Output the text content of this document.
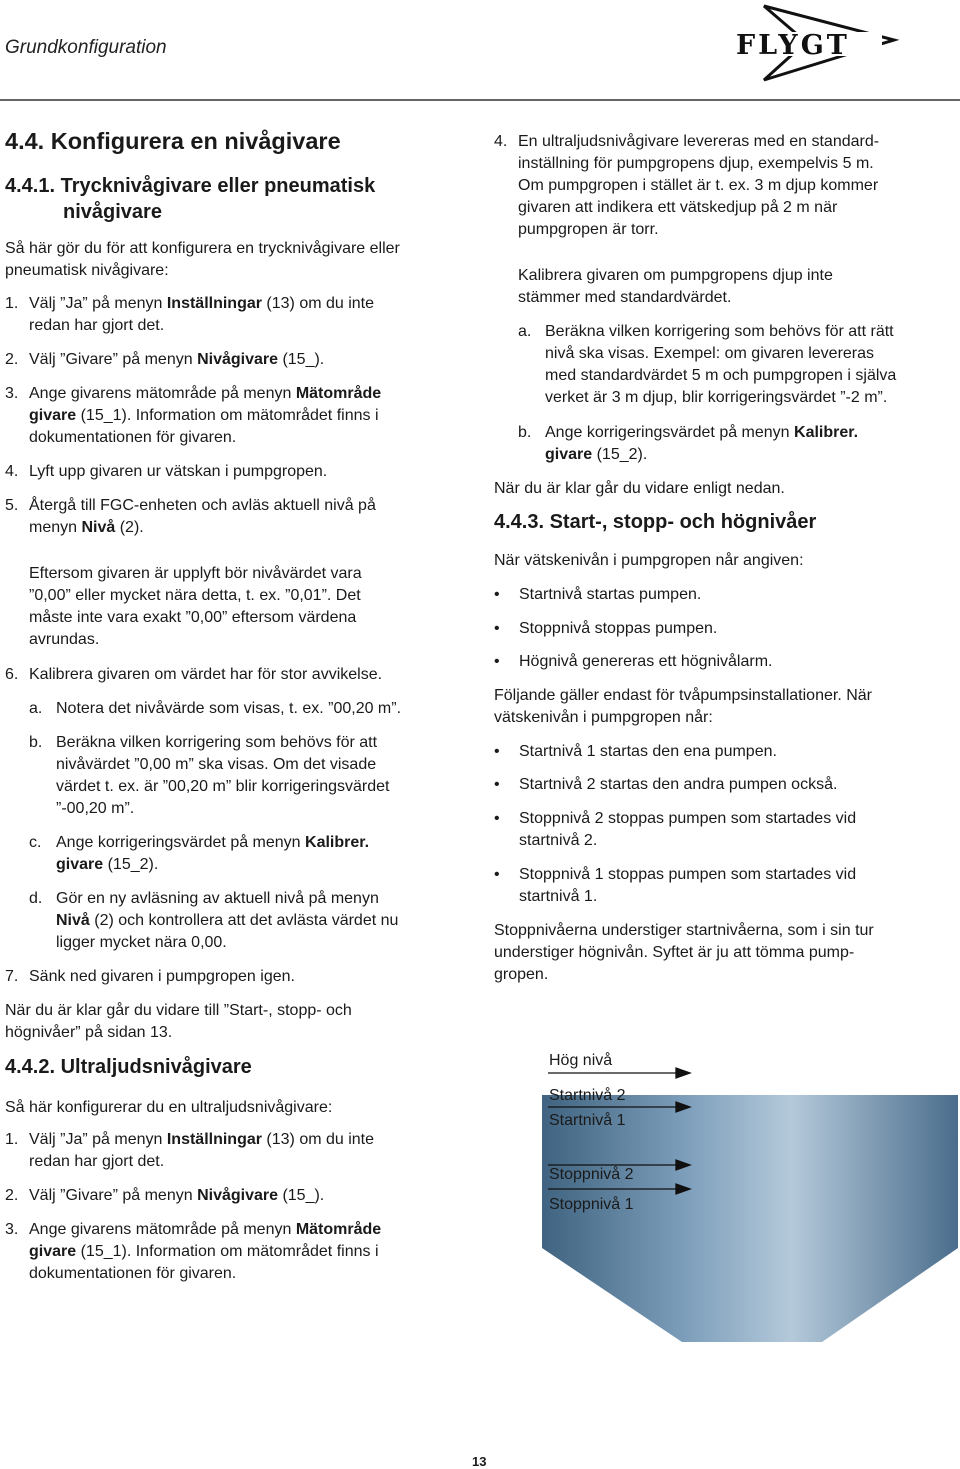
Grundkonfiguration	FLYGT
4.4. Konfigurera en nivågivare
4.4.1. Trycknivågivare eller pneumatisk
nivågivare
Så här gör du för att konfigurera en trycknivågivare eller
pneumatisk nivågivare:
1. Välj ”Ja” på menyn Inställningar (13) om du inte
redan har gjort det.
2. Välj ”Givare” på menyn Nivågivare (15_).
3. Ange givarens mätområde på menyn Mätområde
givare (15_1). Information om mätområdet finns i
dokumentationen för givaren.
4. Lyft upp givaren ur vätskan i pumpgropen.
5. Återgå till FGC-enheten och avläs aktuell nivå på
menyn Nivå (2).
Eftersom givaren är upplyft bör nivåvärdet vara
”0,00” eller mycket nära detta, t. ex. ”0,01”. Det
måste inte vara exakt ”0,00” eftersom värdena
avrundas.
6. Kalibrera givaren om värdet har för stor avvikelse.
a. Notera det nivåvärde som visas, t. ex. ”00,20 m”.
b. Beräkna vilken korrigering som behövs för att
nivåvärdet ”0,00 m” ska visas. Om det visade
värdet t. ex. är ”00,20 m” blir korrigeringsvärdet
”-00,20 m”.
c. Ange korrigeringsvärdet på menyn Kalibrer.
givare (15_2).
d. Gör en ny avläsning av aktuell nivå på menyn
Nivå (2) och kontrollera att det avlästa värdet nu
ligger mycket nära 0,00.
7. Sänk ned givaren i pumpgropen igen.
När du är klar går du vidare till ”Start-, stopp- och
högnivåer” på sidan 13.
4.4.2. Ultraljudsnivågivare
Så här konfigurerar du en ultraljudsnivågivare:
1. Välj ”Ja” på menyn Inställningar (13) om du inte
redan har gjort det.
2. Välj ”Givare” på menyn Nivågivare (15_).
3. Ange givarens mätområde på menyn Mätområde
givare (15_1). Information om mätområdet finns i
dokumentationen för givaren.
4. En ultraljudsnivågivare levereras med en standard-
inställning för pumpgropens djup, exempelvis 5 m.
Om pumpgropen i stället är t. ex. 3 m djup kommer
givaren att indikera ett vätskedjup på 2 m när
pumpgropen är torr.
Kalibrera givaren om pumpgropens djup inte
stämmer med standardvärdet.
a. Beräkna vilken korrigering som behövs för att rätt
nivå ska visas. Exempel: om givaren levereras
med standardvärdet 5 m och pumpgropen i själva
verket är 3 m djup, blir korrigeringsvärdet ”-2 m”.
b. Ange korrigeringsvärdet på menyn Kalibrer.
givare (15_2).
När du är klar går du vidare enligt nedan.
4.4.3. Start-, stopp- och högnivåer
När vätskenivån i pumpgropen når angiven:
• Startnivå startas pumpen.
• Stoppnivå stoppas pumpen.
• Högnivå genereras ett högnivålarm.
Följande gäller endast för tvåpumpsinstallationer. När
vätskenivån i pumpgropen når:
• Startnivå 1 startas den ena pumpen.
• Startnivå 2 startas den andra pumpen också.
• Stoppnivå 2 stoppas pumpen som startades vid
startnivå 2.
• Stoppnivå 1 stoppas pumpen som startades vid
startnivå 1.
Stoppnivåerna understiger startnivåerna, som i sin tur
understiger högnivån. Syftet är ju att tömma pump-
gropen.
Hög nivå
Startnivå 2
Startnivå 1
Stoppnivå 2
Stoppnivå 1
13
